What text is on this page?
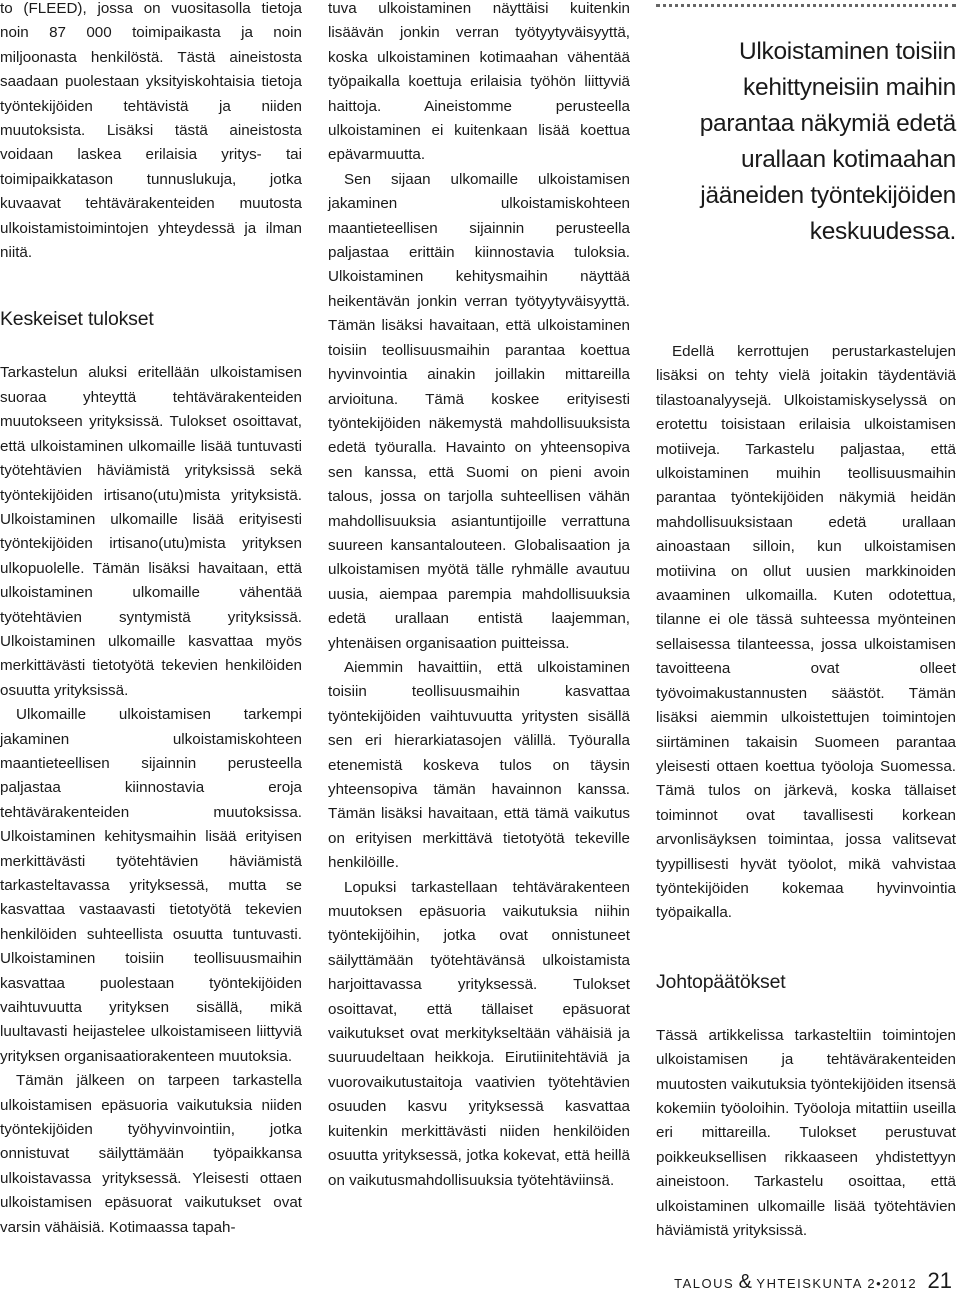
to (FLEED), jossa on vuositasolla tietoja noin 87 000 toimipaikasta ja noin miljoonasta henkilöstä. Tästä aineistosta saadaan puolestaan yksityiskohtaisia tietoja työntekijöiden tehtävistä ja niiden muutoksista. Lisäksi tästä aineistosta voidaan laskea erilaisia yritys- tai toimipaikkatason tunnuslukuja, jotka kuvaavat tehtävärakenteiden muutosta ulkoistamistoimintojen yhteydessä ja ilman niitä.

Keskeiset tulokset

Tarkastelun aluksi eritellään ulkoistamisen suoraa yhteyttä tehtävärakenteiden muutokseen yrityksissä. Tulokset osoittavat, että ulkoistaminen ulkomaille lisää tuntuvasti työtehtävien häviämistä yrityksissä sekä työntekijöiden irtisano(utu)mista yrityksistä. Ulkoistaminen ulkomaille lisää erityisesti työntekijöiden irtisano(utu)mista yrityksen ulkopuolelle. Tämän lisäksi havaitaan, että ulkoistaminen ulkomaille vähentää työtehtävien syntymistä yrityksissä. Ulkoistaminen ulkomaille kasvattaa myös merkittävästi tietotyötä tekevien henkilöiden osuutta yrityksissä.

Ulkomaille ulkoistamisen tarkempi jakaminen ulkoistamiskohteen maantieteellisen sijainnin perusteella paljastaa kiinnostavia eroja tehtävärakenteiden muutoksissa. Ulkoistaminen kehitysmaihin lisää erityisen merkittävästi työtehtävien häviämistä tarkasteltavassa yrityksessä, mutta se kasvattaa vastaavasti tietotyötä tekevien henkilöiden suhteellista osuutta tuntuvasti. Ulkoistaminen toisiin teollisuusmaihin kasvattaa puolestaan työntekijöiden vaihtuvuutta yrityksen sisällä, mikä luultavasti heijastelee ulkoistamiseen liittyviä yrityksen organisaatiorakenteen muutoksia.

Tämän jälkeen on tarpeen tarkastella ulkoistamisen epäsuoria vaikutuksia niiden työntekijöiden työhyvinvointiin, jotka onnistuvat säilyttämään työpaikkansa ulkoistavassa yrityksessä. Yleisesti ottaen ulkoistamisen epäsuorat vaikutukset ovat varsin vähäisiä. Kotimaassa tapah-

tuva ulkoistaminen näyttäisi kuitenkin lisäävän jonkin verran työtyytyväisyyttä, koska ulkoistaminen kotimaahan vähentää työpaikalla koettuja erilaisia työhön liittyviä haittoja. Aineistomme perusteella ulkoistaminen ei kuitenkaan lisää koettua epävarmuutta.

Sen sijaan ulkomaille ulkoistamisen jakaminen ulkoistamiskohteen maantieteellisen sijainnin perusteella paljastaa erittäin kiinnostavia tuloksia. Ulkoistaminen kehitysmaihin näyttää heikentävän jonkin verran työtyytyväisyyttä. Tämän lisäksi havaitaan, että ulkoistaminen toisiin teollisuusmaihin parantaa koettua hyvinvointia ainakin joillakin mittareilla arvioituna. Tämä koskee erityisesti työntekijöiden näkemystä mahdollisuuksista edetä työuralla. Havainto on yhteensopiva sen kanssa, että Suomi on pieni avoin talous, jossa on tarjolla suhteellisen vähän mahdollisuuksia asiantuntijoille verrattuna suureen kansantalouteen. Globalisaation ja ulkoistamisen myötä tälle ryhmälle avautuu uusia, aiempaa parempia mahdollisuuksia edetä urallaan entistä laajemman, yhtenäisen organisaation puitteissa.

Aiemmin havaittiin, että ulkoistaminen toisiin teollisuusmaihin kasvattaa työntekijöiden vaihtuvuutta yritysten sisällä sen eri hierarkiatasojen välillä. Työuralla etenemistä koskeva tulos on täysin yhteensopiva tämän havainnon kanssa. Tämän lisäksi havaitaan, että tämä vaikutus on erityisen merkittävä tietotyötä tekeville henkilöille.

Lopuksi tarkastellaan tehtävärakenteen muutoksen epäsuoria vaikutuksia niihin työntekijöihin, jotka ovat onnistuneet säilyttämään työtehtävänsä ulkoistamista harjoittavassa yrityksessä. Tulokset osoittavat, että tällaiset epäsuorat vaikutukset ovat merkitykseltään vähäisiä ja suuruudeltaan heikkoja. Eirutiinitehtäviä ja vuorovaikutustaitoja vaativien työtehtävien osuuden kasvu yrityksessä kasvattaa kuitenkin merkittävästi niiden henkilöiden osuutta yrityksessä, jotka kokevat, että heillä on vaikutusmahdollisuuksia työtehtäviinsä.

Ulkoistaminen toisiin kehittyneisiin maihin parantaa näkymiä edetä urallaan kotimaahan jääneiden työntekijöiden keskuudessa.

Edellä kerrottujen perustarkastelujen lisäksi on tehty vielä joitakin täydentäviä tilastoanalyysejä. Ulkoistamiskyselyssä on erotettu toisistaan erilaisia ulkoistamisen motiiveja. Tarkastelu paljastaa, että ulkoistaminen muihin teollisuusmaihin parantaa työntekijöiden näkymiä heidän mahdollisuuksistaan edetä urallaan ainoastaan silloin, kun ulkoistamisen motiivina on ollut uusien markkinoiden avaaminen ulkomailla. Kuten odotettua, tilanne ei ole tässä suhteessa myönteinen sellaisessa tilanteessa, jossa ulkoistamisen tavoitteena ovat olleet työvoimakustannusten säästöt. Tämän lisäksi aiemmin ulkoistettujen toimintojen siirtäminen takaisin Suomeen parantaa yleisesti ottaen koettua työoloja Suomessa. Tämä tulos on järkevä, koska tällaiset toiminnot ovat tavallisesti korkean arvonlisäyksen toimintaa, jossa valitsevat tyypillisesti hyvät työolot, mikä vahvistaa työntekijöiden kokemaa hyvinvointia työpaikalla.

Johtopäätökset

Tässä artikkelissa tarkasteltiin toimintojen ulkoistamisen ja tehtävärakenteiden muutosten vaikutuksia työntekijöiden itsensä kokemiin työoloihin. Työoloja mitattiin useilla eri mittareilla. Tulokset perustuvat poikkeuksellisen rikkaaseen yhdistettyyn aineistoon. Tarkastelu osoittaa, että ulkoistaminen ulkomaille lisää työtehtävien häviämistä yrityksissä.

TALOUS & YHTEISKUNTA 2•2012 21
